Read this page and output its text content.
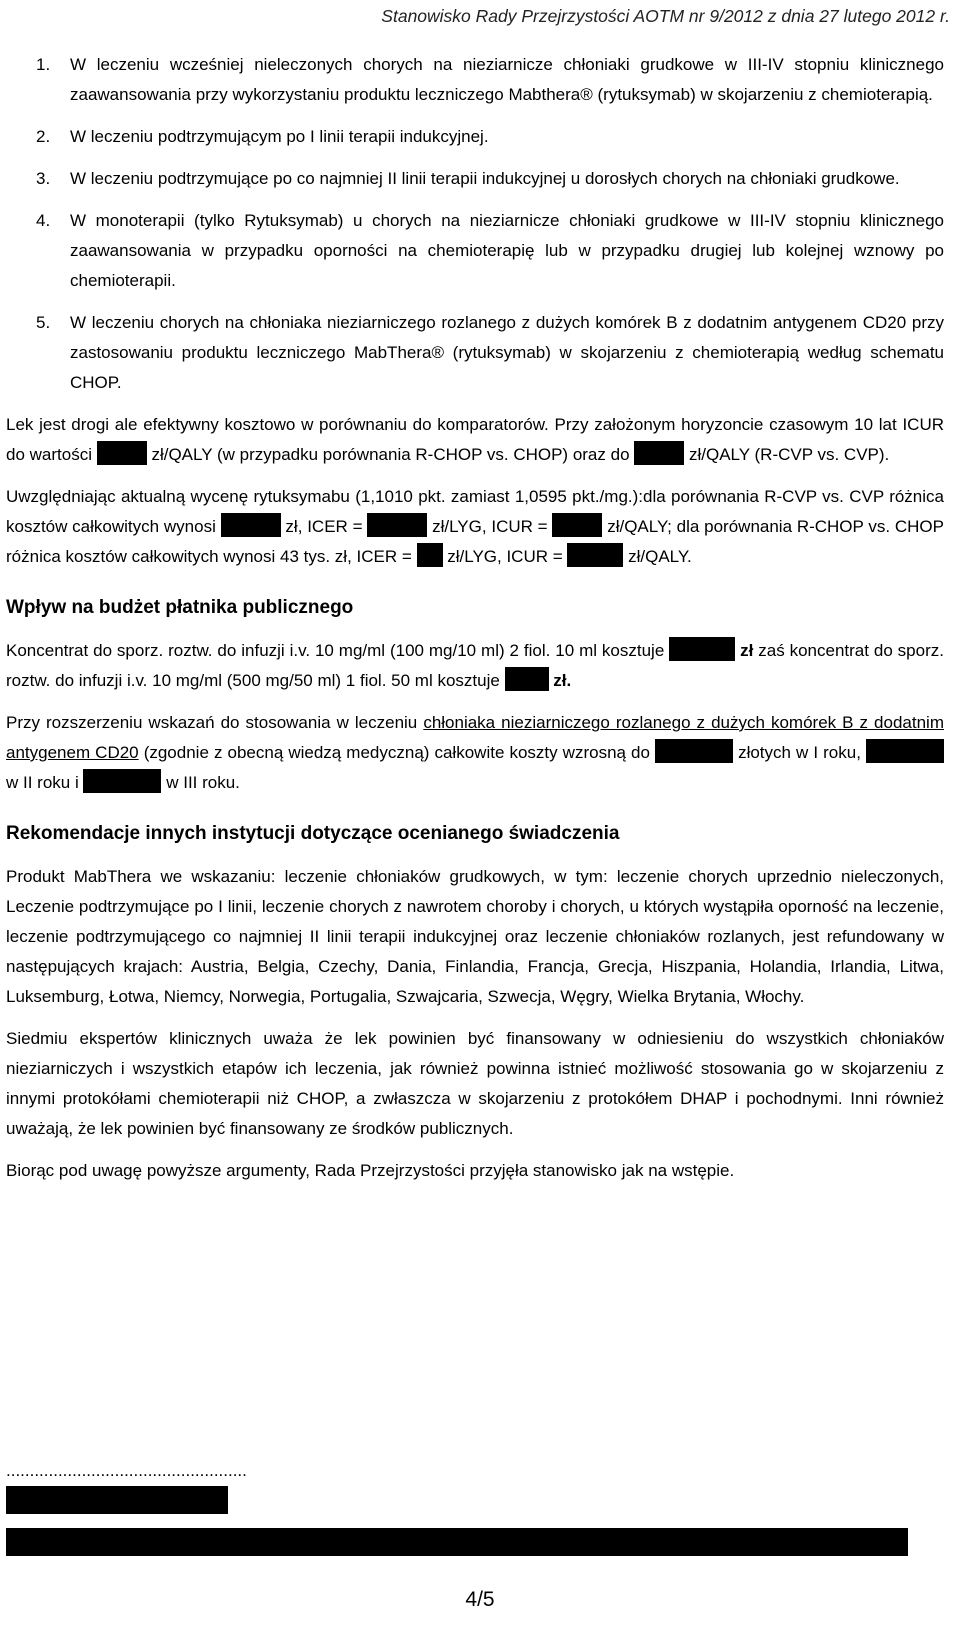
Stanowisko Rady Przejrzystości AOTM nr 9/2012 z dnia 27 lutego 2012 r.
1.	W leczeniu wcześniej nieleczonych chorych na nieziarnicze chłoniaki grudkowe w III-IV stopniu klinicznego zaawansowania przy wykorzystaniu produktu leczniczego Mabthera® (rytuksymab) w skojarzeniu z chemioterapią.
2.	W leczeniu podtrzymującym po I linii terapii indukcyjnej.
3.	W leczeniu podtrzymujące po co najmniej II linii terapii indukcyjnej u dorosłych chorych na chłoniaki grudkowe.
4.	W monoterapii (tylko Rytuksymab) u chorych na nieziarnicze chłoniaki grudkowe w III-IV stopniu klinicznego zaawansowania w przypadku oporności na chemioterapię lub w przypadku drugiej lub kolejnej wznowy po chemioterapii.
5.	W leczeniu chorych na chłoniaka nieziarniczego rozlanego z dużych komórek B z dodatnim antygenem CD20 przy zastosowaniu produktu leczniczego MabThera® (rytuksymab) w skojarzeniu z chemioterapią według schematu CHOP.

Lek jest drogi ale efektywny kosztowo w porównaniu do komparatorów. Przy założonym horyzoncie czasowym 10 lat ICUR do wartości	zł/QALY (w przypadku porównania R-CHOP vs. CHOP) oraz do	zł/QALY (R-CVP vs. CVP).

Uwzględniając aktualną wycenę rytuksymabu (1,1010 pkt. zamiast 1,0595 pkt./mg.):dla porównania R-CVP vs. CVP różnica kosztów całkowitych wynosi	zł, ICER =	zł/LYG, ICUR =	zł/QALY; dla porównania R-CHOP vs. CHOP różnica kosztów całkowitych wynosi 43 tys. zł, ICER = zł/LYG, ICUR =	zł/QALY.

Wpływ na budżet płatnika publicznego

Koncentrat do sporz. roztw. do infuzji i.v. 10 mg/ml (100 mg/10 ml) 2 fiol. 10 ml kosztuje	zł zaś koncentrat do sporz. roztw. do infuzji i.v. 10 mg/ml (500 mg/50 ml) 1 fiol. 50 ml kosztuje	zł.

Przy rozszerzeniu wskazań do stosowania w leczeniu chłoniaka nieziarniczego rozlanego z dużych komórek B z dodatnim antygenem CD20 (zgodnie z obecną wiedzą medyczną) całkowite koszty wzrosną do	złotych w I roku,  w II roku i	w III roku.

Rekomendacje innych instytucji dotyczące ocenianego świadczenia

Produkt MabThera we wskazaniu: leczenie chłoniaków grudkowych, w tym: leczenie chorych uprzednio nieleczonych, Leczenie podtrzymujące po I linii, leczenie chorych z nawrotem choroby i chorych, u których wystąpiła oporność na leczenie, leczenie podtrzymującego co najmniej II linii terapii indukcyjnej oraz leczenie chłoniaków rozlanych, jest refundowany w następujących krajach: Austria, Belgia, Czechy, Dania, Finlandia, Francja, Grecja, Hiszpania, Holandia, Irlandia, Litwa, Luksemburg, Łotwa, Niemcy, Norwegia, Portugalia, Szwajcaria, Szwecja, Węgry, Wielka Brytania, Włochy.

Siedmiu ekspertów klinicznych uważa że lek powinien być finansowany w odniesieniu do wszystkich chłoniaków nieziarniczych i wszystkich etapów ich leczenia, jak również powinna istnieć możliwość stosowania go w skojarzeniu z innymi protokółami chemioterapii niż CHOP, a zwłaszcza w skojarzeniu z protokółem DHAP i pochodnymi. Inni również uważają, że lek powinien być finansowany ze środków publicznych.

Biorąc pod uwagę powyższe argumenty, Rada Przejrzystości przyjęła stanowisko jak na wstępie.

...................................................
4/5
